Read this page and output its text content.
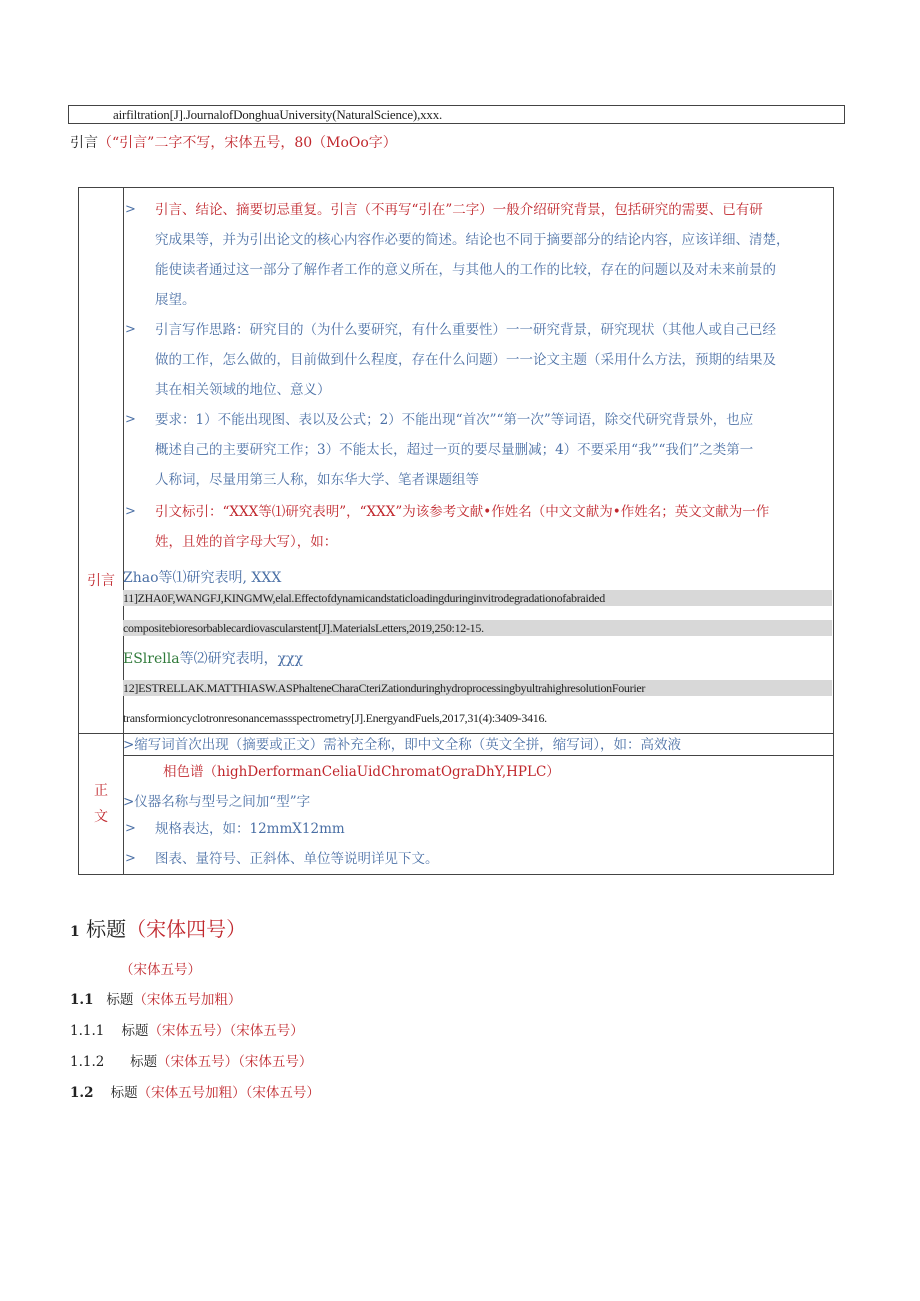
airfiltration[J].JournalofDonghuaUniversity(NaturalScience),xxx.
引言（“引言”二字不写，宋体五号，80（MoOo字）
引言
> 引言、结论、摘要切忌重复。引言（不再写“引在”二字）一般介绍研究背景，包括研究的需要、已有研
究成果等，并为引出论文的核心内容作必要的简述。结论也不同于摘要部分的结论内容，应该详细、清楚，
能使读者通过这一部分了解作者工作的意义所在，与其他人的工作的比较，存在的问题以及对未来前景的
展望。
> 引言写作思路：研究目的（为什么要研究，有什么重要性）一一研究背景，研究现状（其他人或自己已经
做的工作，怎么做的，目前做到什么程度，存在什么问题）一一论文主题（采用什么方法，预期的结果及
其在相关领域的地位、意义）
> 要求：1）不能出现图、表以及公式；2）不能出现“首次”“第一次”等词语，除交代研究背景外，也应
概述自己的主要研究工作；3）不能太长，超过一页的要尽量删减；4）不要采用“我”“我们”之类第一
人称词，尽量用第三人称，如东华大学、笔者课题组等
> 引文标引：“XXX等⑴研究表明”，“XXX”为该参考文献•作姓名（中文文献为•作姓名；英文文献为一作
姓，且姓的首字母大写），如：
Zhao等⑴研究表明, XXX
11]ZHA0F,WANGFJ,KINGMW,elal.Effectofdynamicandstaticloadingduringinvitrodegradationofabraided
compositebioresorbablecardiovascularstent[J].MaterialsLetters,2019,250:12-15.
ESlrella等⑵研究表明，χχχ
12]ESTRELLAK.MATTHIASW.ASPhalteneCharaCteriZationduringhydroprocessingbyultrahighresolutionFourier
transformioncyclotronresonancemassspectrometry[J].EnergyandFuels,2017,31(4):3409-3416.
正
文
>缩写词首次出现（摘要或正文）需补充全称，即中文全称（英文全拼，缩写词），如：高效液
相色谱（highDerformanCeliaUidChromatOgraDhY,HPLC）
>仪器名称与型号之间加“型”字
> 规格表达，如：12mmX12mm
> 图表、量符号、正斜体、单位等说明详见下文。
1 标题（宋体四号）
（宋体五号）
1.1 标题（宋体五号加粗）
1.1.1 标题（宋体五号）（宋体五号）
1.1.2 标题（宋体五号）（宋体五号）
1.2 标题（宋体五号加粗）（宋体五号）
